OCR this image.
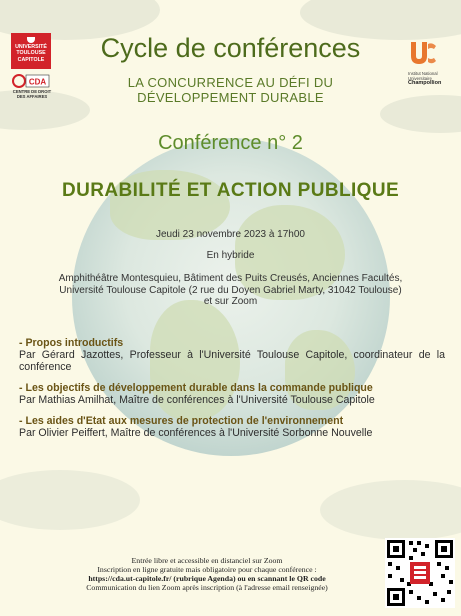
UNIVERSITÉ
TOULOUSE
CAPITOLE
CDA
CENTRE DE DROIT DES AFFAIRES
Institut National
Universitaire
Champollion
Cycle de conférences
LA CONCURRENCE AU DÉFI DU
DÉVELOPPEMENT DURABLE
Conférence n° 2
DURABILITÉ ET ACTION PUBLIQUE
Jeudi 23 novembre 2023 à 17h00
En hybride
Amphithéâtre Montesquieu, Bâtiment des Puits Creusés, Anciennes Facultés,
Université Toulouse Capitole (2 rue du Doyen Gabriel Marty, 31042 Toulouse)
et sur Zoom
- Propos introductifs
Par Gérard Jazottes, Professeur à l'Université Toulouse Capitole, coordinateur de la conférence
- Les objectifs de développement durable dans la commande publique
Par Mathias Amilhat, Maître de conférences à l'Université Toulouse Capitole
- Les aides d'Etat aux mesures de protection de l'environnement
Par Olivier Peiffert, Maître de conférences à l'Université Sorbonne Nouvelle
Entrée libre et accessible en distanciel sur Zoom
Inscription en ligne gratuite mais obligatoire pour chaque conférence :
https://cda.ut-capitole.fr/ (rubrique Agenda) ou en scannant le QR code
Communication du lien Zoom après inscription (à l'adresse email renseignée)
